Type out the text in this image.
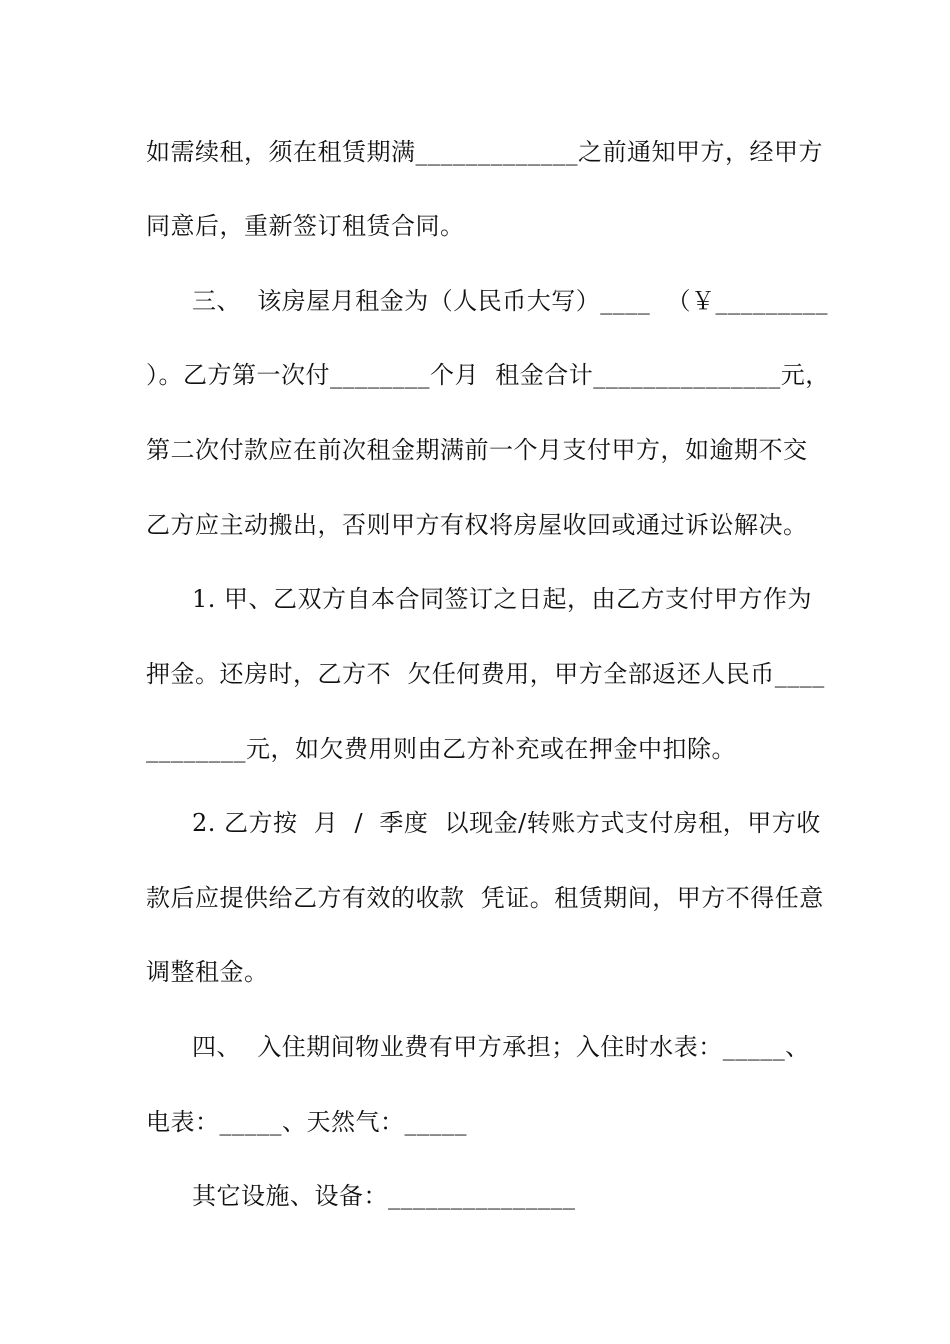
如需续租，须在租赁期满_____________之前通知甲方，经甲方
同意后，重新签订租赁合同。
三、  该房屋月租金为（人民币大写）____  （￥_________
）。乙方第一次付________个月  租金合计_______________元，
第二次付款应在前次租金期满前一个月支付甲方，如逾期不交
乙方应主动搬出，否则甲方有权将房屋收回或通过诉讼解决。
1. 甲、乙双方自本合同签订之日起，由乙方支付甲方作为
押金。还房时，乙方不  欠任何费用，甲方全部返还人民币____
________元，如欠费用则由乙方补充或在押金中扣除。
2. 乙方按  月  /  季度  以现金/转账方式支付房租，甲方收
款后应提供给乙方有效的收款  凭证。租赁期间，甲方不得任意
调整租金。
四、  入住期间物业费有甲方承担；入住时水表：_____、
电表：_____、天然气：_____
其它设施、设备：_______________
